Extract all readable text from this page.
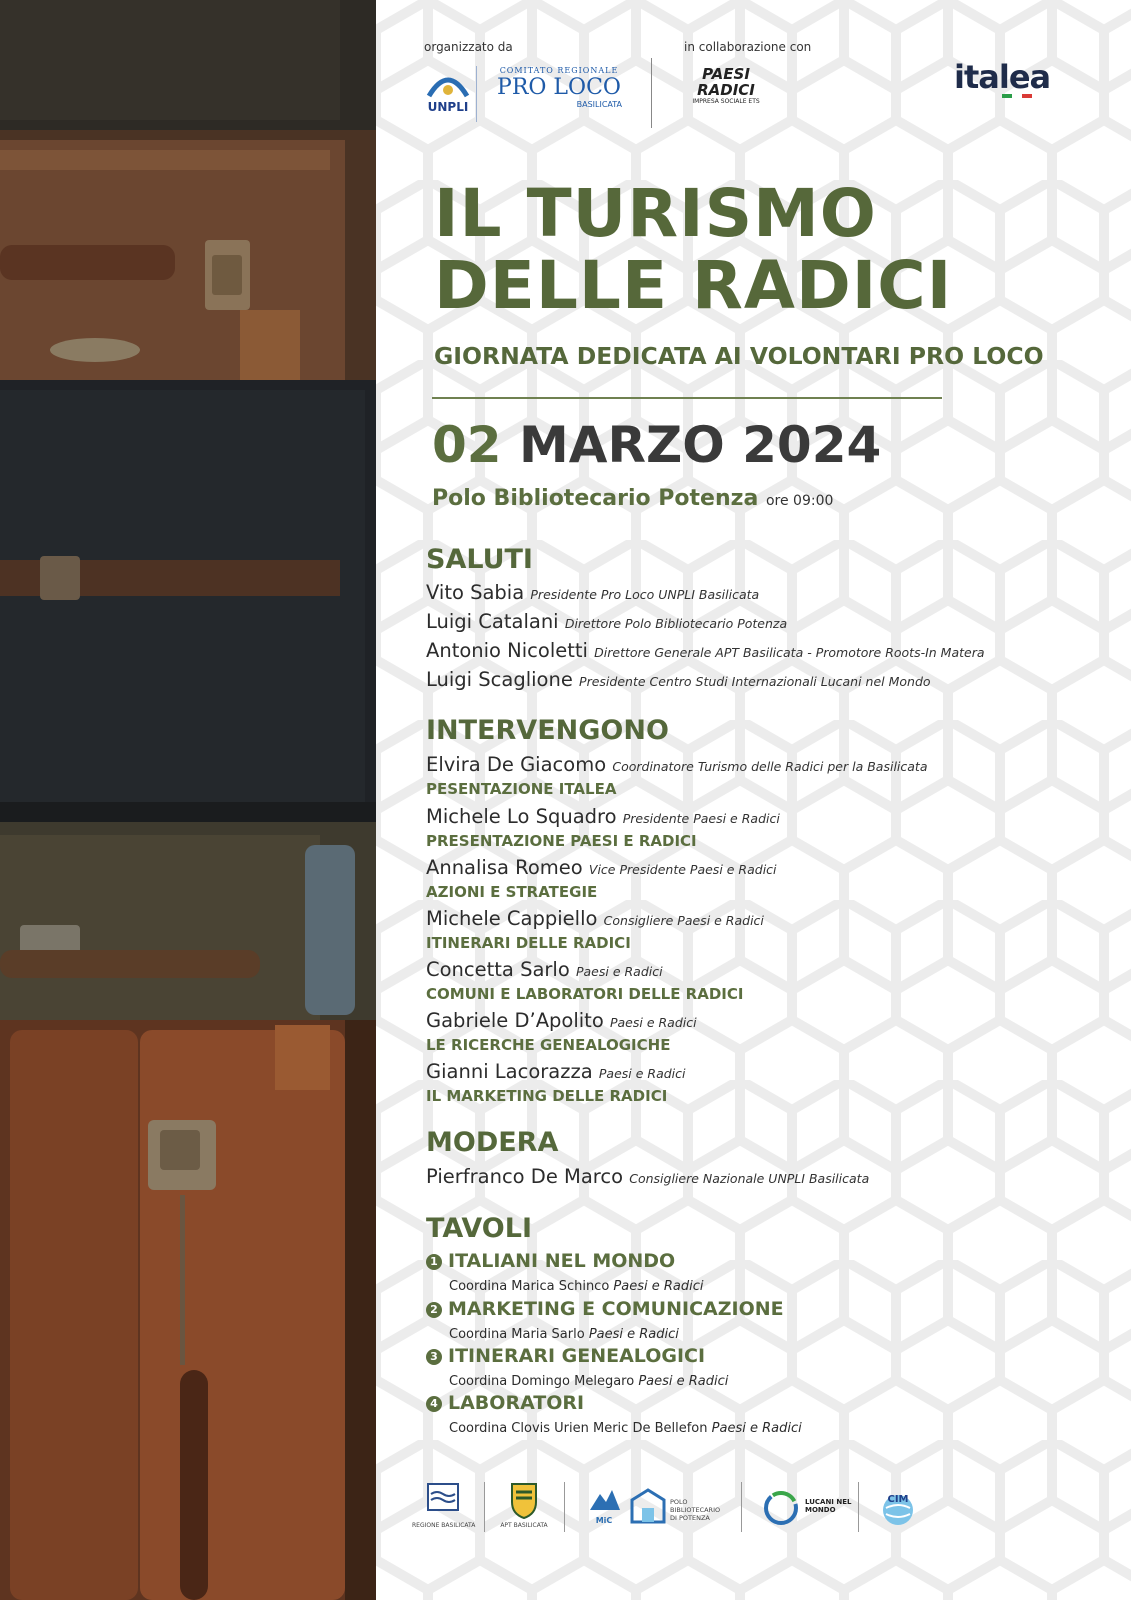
organizzato da	in collaborazione con
UNPLI
COMITATO REGIONALE
PRO LOCO
BASILICATA
PAESI
RADICI
IMPRESA SOCIALE ETS
italea
IL TURISMO
DELLE RADICI
GIORNATA DEDICATA AI VOLONTARI PRO LOCO
02 MARZO 2024
Polo Bibliotecario Potenza ore 09:00
SALUTI
Vito Sabia Presidente Pro Loco UNPLI Basilicata
Luigi Catalani Direttore Polo Bibliotecario Potenza
Antonio Nicoletti Direttore Generale APT Basilicata - Promotore Roots-In Matera
Luigi Scaglione Presidente Centro Studi Internazionali Lucani nel Mondo
INTERVENGONO
Elvira De Giacomo Coordinatore Turismo delle Radici per la Basilicata
PESENTAZIONE ITALEA
Michele Lo Squadro Presidente Paesi e Radici
PRESENTAZIONE PAESI E RADICI
Annalisa Romeo Vice Presidente Paesi e Radici
AZIONI E STRATEGIE
Michele Cappiello Consigliere Paesi e Radici
ITINERARI DELLE RADICI
Concetta Sarlo Paesi e Radici
COMUNI E LABORATORI DELLE RADICI
Gabriele D’Apolito Paesi e Radici
LE RICERCHE GENEALOGICHE
Gianni Lacorazza Paesi e Radici
IL MARKETING DELLE RADICI
MODERA
Pierfranco De Marco Consigliere Nazionale UNPLI Basilicata
TAVOLI
1 ITALIANI NEL MONDO
Coordina Marica Schinco Paesi e Radici
2 MARKETING E COMUNICAZIONE
Coordina Maria Sarlo Paesi e Radici
3 ITINERARI GENEALOGICI
Coordina Domingo Melegaro Paesi e Radici
4 LABORATORI
Coordina Clovis Urien Meric De Bellefon Paesi e Radici
REGIONE BASILICATA	APT BASILICATA
MiC
POLO BIBLIOTECARIO DI POTENZA
LUCANI NEL MONDO
CIM
